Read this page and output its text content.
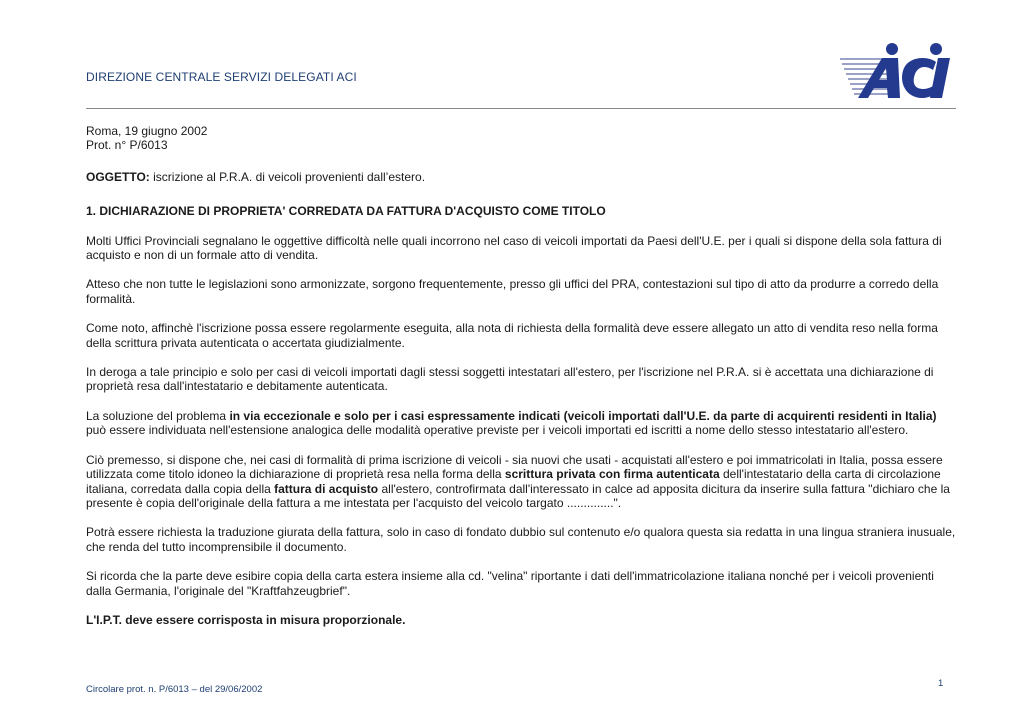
DIREZIONE CENTRALE SERVIZI DELEGATI ACI

Roma, 19 giugno 2002

Prot. n° P/6013

OGGETTO: iscrizione al P.R.A. di veicoli provenienti dall’estero.

1. DICHIARAZIONE DI PROPRIETA' CORREDATA DA FATTURA D'ACQUISTO COME TITOLO

Molti Uffici Provinciali segnalano le oggettive difficoltà nelle quali incorrono nel caso di veicoli importati da Paesi dell'U.E. per i quali si dispone della sola fattura di acquisto e non di un formale atto di vendita.

Atteso che non tutte le legislazioni sono armonizzate, sorgono frequentemente, presso gli uffici del PRA, contestazioni sul tipo di atto da produrre a corredo della formalità.

Come noto, affinchè l'iscrizione possa essere regolarmente eseguita, alla nota di richiesta della formalità deve essere allegato un atto di vendita reso nella forma della scrittura privata autenticata o accertata giudizialmente.

In deroga a tale principio e solo per casi di veicoli importati dagli stessi soggetti intestatari all'estero, per l'iscrizione nel P.R.A. si è accettata una dichiarazione di proprietà resa dall'intestatario e debitamente autenticata.

La soluzione del problema in via eccezionale e solo per i casi espressamente indicati (veicoli importati dall'U.E. da parte di acquirenti residenti in Italia) può essere individuata nell'estensione analogica delle modalità operative previste per i veicoli importati ed iscritti a nome dello stesso intestatario all'estero.

Ciò premesso, si dispone che, nei casi di formalità di prima iscrizione di veicoli - sia nuovi che usati - acquistati all'estero e poi immatricolati in Italia, possa essere utilizzata come titolo idoneo la dichiarazione di proprietà resa nella forma della scrittura privata con firma autenticata dell'intestatario della carta di circolazione italiana, corredata dalla copia della fattura di acquisto all'estero, controfirmata dall'interessato in calce ad apposita dicitura da inserire sulla fattura "dichiaro che la presente è copia dell'originale della fattura a me intestata per l'acquisto del veicolo targato ..............".

Potrà essere richiesta la traduzione giurata della fattura, solo in caso di fondato dubbio sul contenuto e/o qualora questa sia redatta in una lingua straniera inusuale, che renda del tutto incomprensibile il documento.

Si ricorda che la parte deve esibire copia della carta estera insieme alla cd. "velina" riportante i dati dell'immatricolazione italiana nonché per i veicoli provenienti dalla Germania, l'originale del "Kraftfahzeugbrief".

L'I.P.T. deve essere corrisposta in misura proporzionale.

Circolare prot. n. P/6013 – del 29/06/2002
1
